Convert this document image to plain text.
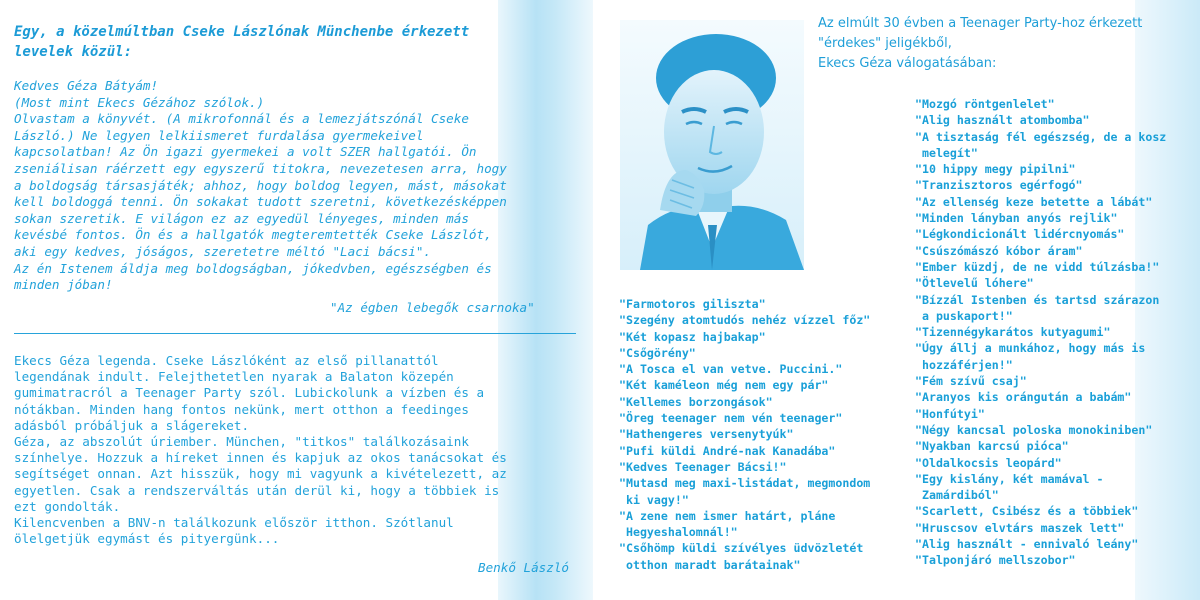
Egy, a közelmúltban Cseke Lászlónak Münchenbe érkezett
levelek közül:

Kedves Géza Bátyám!

(Most mint Ekecs Gézához szólok.)

Olvastam a könyvét. (A mikrofonnál és a lemezjátszónál Cseke

László.) Ne legyen lelkiismeret furdalása gyermekeivel

kapcsolatban! Az Ön igazi gyermekei a volt SZER hallgatói. Ön

zseniálisan ráérzett egy egyszerű titokra, nevezetesen arra, hogy

a boldogság társasjáték; ahhoz, hogy boldog legyen, mást, másokat

kell boldoggá tenni. Ön sokakat tudott szeretni, következésképpen

sokan szeretik. E világon ez az egyedül lényeges, minden más

kevésbé fontos. Ön és a hallgatók megteremtették Cseke Lászlót,

aki egy kedves, jóságos, szeretetre méltó "Laci bácsi".

Az én Istenem áldja meg boldogságban, jókedvben, egészségben és

minden jóban!

"Az égben lebegők csarnoka"

Ekecs Géza legenda. Cseke Lászlóként az első pillanattól

legendának indult. Felejthetetlen nyarak a Balaton közepén

gumimatracról a Teenager Party szól. Lubickolunk a vízben és a

nótákban. Minden hang fontos nekünk, mert otthon a feedinges

adásból próbáljuk a slágereket.

Géza, az abszolút úriember. München, "titkos" találkozásaink

színhelye. Hozzuk a híreket innen és kapjuk az okos tanácsokat és

segítséget onnan. Azt hisszük, hogy mi vagyunk a kivételezett, az

egyetlen. Csak a rendszerváltás után derül ki, hogy a többiek is

ezt gondolták.

Kilencvenben a BNV-n találkozunk először itthon. Szótlanul

ölelgetjük egymást és pityergünk...

Benkő László
Az elmúlt 30 évben a Teenager Party-hoz érkezett
"érdekes" jeligékből,
Ekecs Géza válogatásában:
"Farmotoros giliszta"
"Szegény atomtudós nehéz vízzel főz"
"Két kopasz hajbakap"
"Csőgörény"
"A Tosca el van vetve. Puccini."
"Két kaméleon még nem egy pár"
"Kellemes borzongások"
"Öreg teenager nem vén teenager"
"Hathengeres versenytyúk"
"Pufi küldi André-nak Kanadába"
"Kedves Teenager Bácsi!"
"Mutasd meg maxi-listádat, megmondom
ki vagy!"
"A zene nem ismer határt, pláne
Hegyeshalomnál!"
"Csőhömp küldi szívélyes üdvözletét
otthon maradt barátainak"
"Mozgó röntgenlelet"
"Alig használt atombomba"
"A tisztaság fél egészség, de a kosz
melegít"
"10 hippy megy pipilni"
"Tranzisztoros egérfogó"
"Az ellenség keze betette a lábát"
"Minden lányban anyós rejlik"
"Légkondicionált lidércnyomás"
"Csúszómászó kóbor áram"
"Ember küzdj, de ne vidd túlzásba!"
"Ötlevelű lóhere"
"Bízzál Istenben és tartsd szárazon
a puskaport!"
"Tizennégykarátos kutyagumi"
"Úgy állj a munkához, hogy más is
hozzáférjen!"
"Fém szívű csaj"
"Aranyos kis orángután a babám"
"Honfútyi"
"Négy kancsal poloska monokiniben"
"Nyakban karcsú pióca"
"Oldalkocsis leopárd"
"Egy kislány, két mamával -
Zamárdiból"
"Scarlett, Csibész és a többiek"
"Hruscsov elvtárs maszek lett"
"Alig használt - ennivaló leány"
"Talponjáró mellszobor"
